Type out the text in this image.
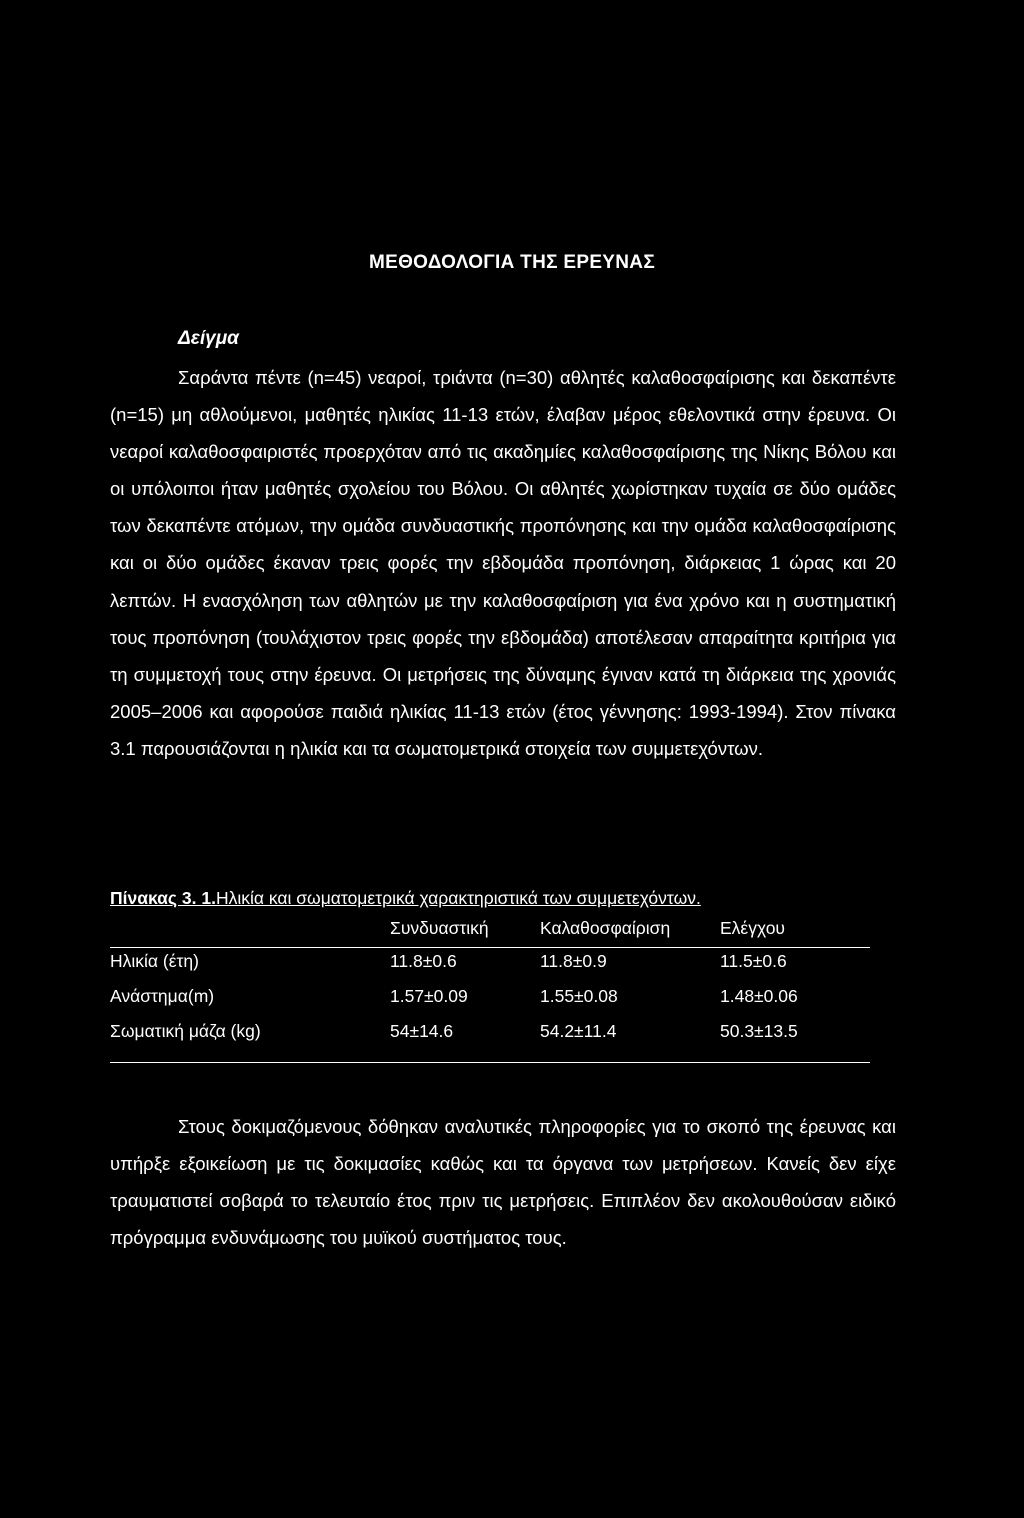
ΜΕΘΟΔΟΛΟΓΙΑ ΤΗΣ ΕΡΕΥΝΑΣ
Δείγμα

Σαράντα πέντε (n=45) νεαροί, τριάντα (n=30) αθλητές καλαθοσφαίρισης και δεκαπέντε (n=15) μη αθλούμενοι, μαθητές ηλικίας 11-13 ετών, έλαβαν μέρος εθελοντικά στην έρευνα. Οι νεαροί καλαθοσφαιριστές προερχόταν από τις ακαδημίες καλαθοσφαίρισης της Νίκης Βόλου και οι υπόλοιποι ήταν μαθητές σχολείου του Βόλου. Οι αθλητές χωρίστηκαν τυχαία σε δύο ομάδες των δεκαπέντε ατόμων, την ομάδα συνδυαστικής προπόνησης και την ομάδα καλαθοσφαίρισης και οι δύο ομάδες έκαναν τρεις φορές την εβδομάδα προπόνηση, διάρκειας 1 ώρας και 20 λεπτών. Η ενασχόληση των αθλητών με την καλαθοσφαίριση για ένα χρόνο και η συστηματική τους προπόνηση (τουλάχιστον τρεις φορές την εβδομάδα) αποτέλεσαν απαραίτητα κριτήρια για τη συμμετοχή τους στην έρευνα. Οι μετρήσεις της δύναμης έγιναν κατά τη διάρκεια της χρονιάς 2005–2006 και αφορούσε παιδιά ηλικίας 11-13 ετών (έτος γέννησης: 1993-1994). Στον πίνακα 3.1 παρουσιάζονται η ηλικία και τα σωματομετρικά στοιχεία των συμμετεχόντων.

Πίνακας 3. 1.Ηλικία και σωματομετρικά χαρακτηριστικά των συμμετεχόντων.
	Συνδυαστική	Καλαθοσφαίριση	Ελέγχου
Ηλικία (έτη)	11.8±0.6	11.8±0.9	11.5±0.6
Ανάστημα(m)	1.57±0.09	1.55±0.08	1.48±0.06
Σωματική μάζα (kg)	54±14.6	54.2±11.4	50.3±13.5

Στους δοκιμαζόμενους δόθηκαν αναλυτικές πληροφορίες για το σκοπό της έρευνας και υπήρξε εξοικείωση με τις δοκιμασίες καθώς και τα όργανα των μετρήσεων. Κανείς δεν είχε τραυματιστεί σοβαρά το τελευταίο έτος πριν τις μετρήσεις. Επιπλέον δεν ακολουθούσαν ειδικό πρόγραμμα ενδυνάμωσης του μυϊκού συστήματος τους.
